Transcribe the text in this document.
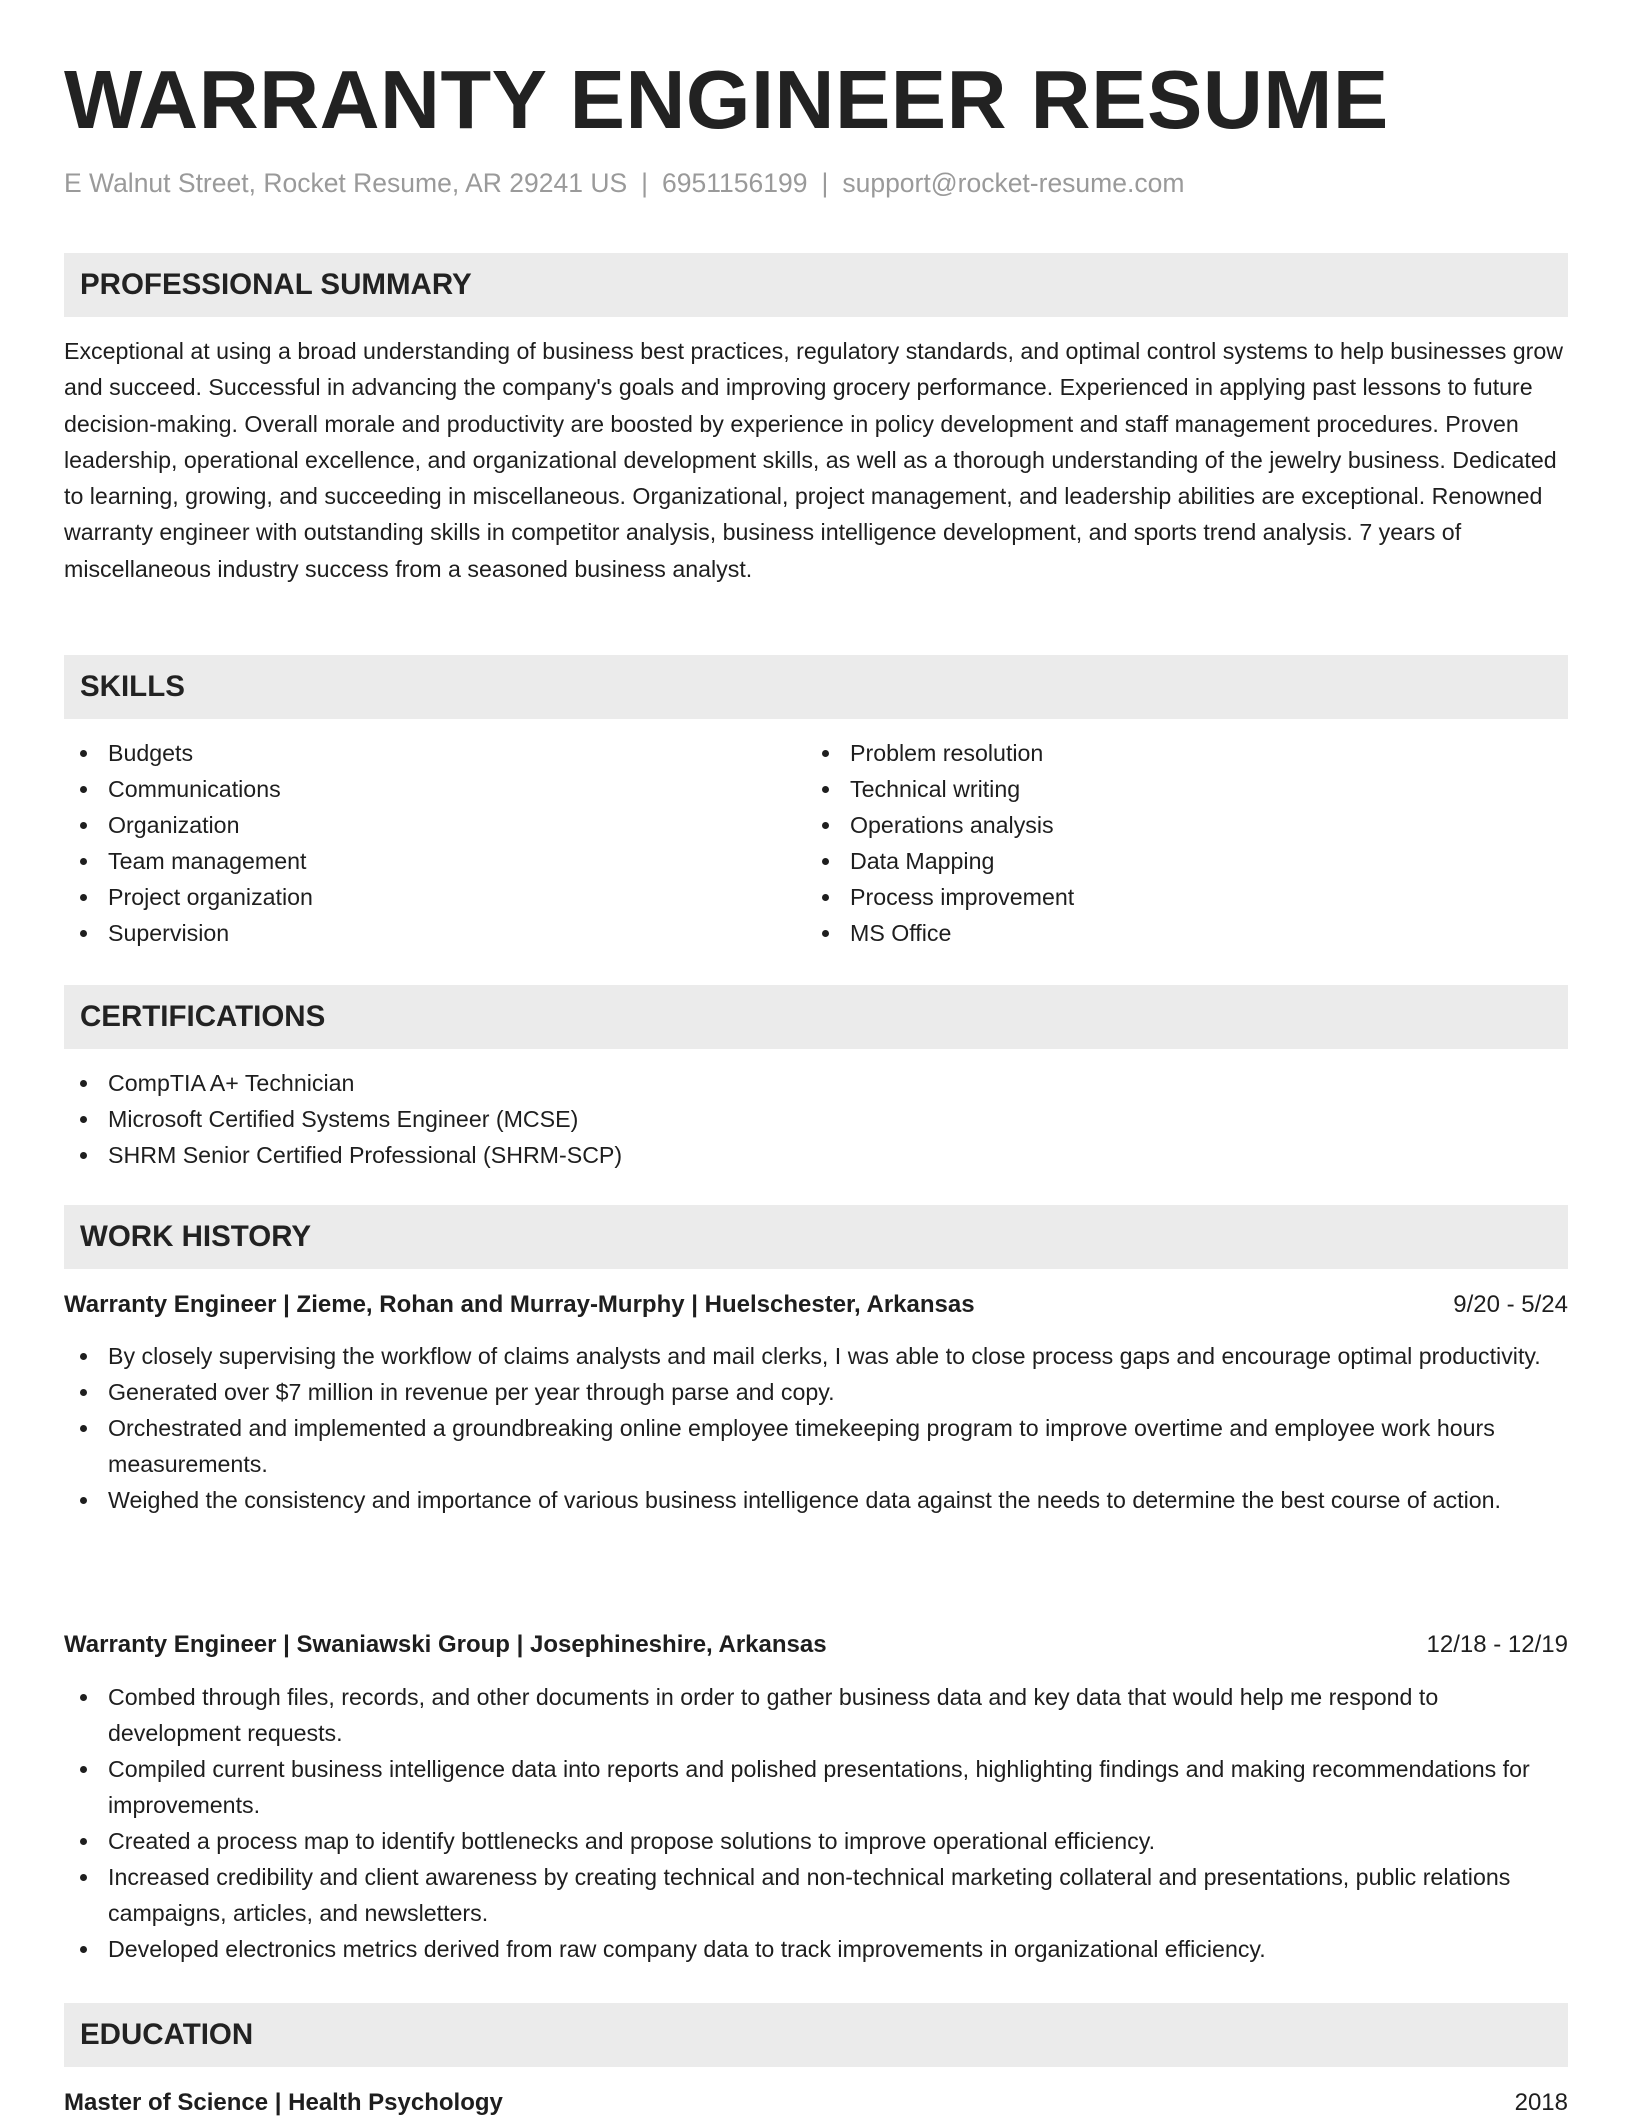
WARRANTY ENGINEER RESUME
E Walnut Street, Rocket Resume, AR 29241 US | 6951156199 | support@rocket-resume.com
PROFESSIONAL SUMMARY

Exceptional at using a broad understanding of business best practices, regulatory standards, and optimal control systems to help businesses grow and succeed. Successful in advancing the company's goals and improving grocery performance. Experienced in applying past lessons to future decision-making. Overall morale and productivity are boosted by experience in policy development and staff management procedures. Proven leadership, operational excellence, and organizational development skills, as well as a thorough understanding of the jewelry business. Dedicated to learning, growing, and succeeding in miscellaneous. Organizational, project management, and leadership abilities are exceptional. Renowned warranty engineer with outstanding skills in competitor analysis, business intelligence development, and sports trend analysis. 7 years of miscellaneous industry success from a seasoned business analyst.

SKILLS
Budgets
Communications
Organization
Team management
Project organization
Supervision
Problem resolution
Technical writing
Operations analysis
Data Mapping
Process improvement
MS Office
CERTIFICATIONS
CompTIA A+ Technician
Microsoft Certified Systems Engineer (MCSE)
SHRM Senior Certified Professional (SHRM-SCP)
WORK HISTORY
Warranty Engineer | Zieme, Rohan and Murray-Murphy | Huelschester, Arkansas	9/20 - 5/24
By closely supervising the workflow of claims analysts and mail clerks, I was able to close process gaps and encourage optimal productivity.
Generated over $7 million in revenue per year through parse and copy.
Orchestrated and implemented a groundbreaking online employee timekeeping program to improve overtime and employee work hours measurements.
Weighed the consistency and importance of various business intelligence data against the needs to determine the best course of action.
Warranty Engineer | Swaniawski Group | Josephineshire, Arkansas	12/18 - 12/19
Combed through files, records, and other documents in order to gather business data and key data that would help me respond to development requests.
Compiled current business intelligence data into reports and polished presentations, highlighting findings and making recommendations for improvements.
Created a process map to identify bottlenecks and propose solutions to improve operational efficiency.
Increased credibility and client awareness by creating technical and non-technical marketing collateral and presentations, public relations campaigns, articles, and newsletters.
Developed electronics metrics derived from raw company data to track improvements in organizational efficiency.
EDUCATION
Master of Science | Health Psychology	2018
